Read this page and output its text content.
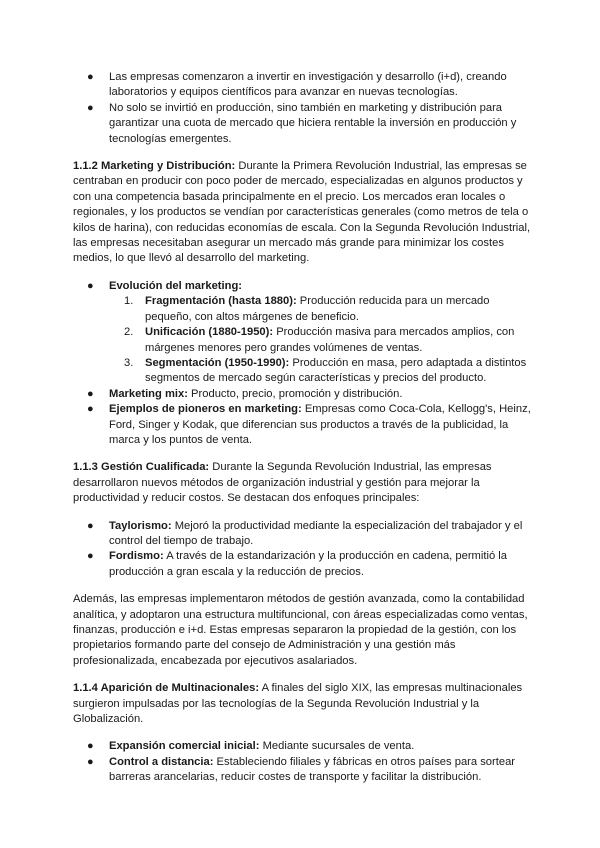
● Las empresas comenzaron a invertir en investigación y desarrollo (i+d), creando laboratorios y equipos científicos para avanzar en nuevas tecnologías.
● No solo se invirtió en producción, sino también en marketing y distribución para garantizar una cuota de mercado que hiciera rentable la inversión en producción y tecnologías emergentes.

1.1.2 Marketing y Distribución: Durante la Primera Revolución Industrial, las empresas se centraban en producir con poco poder de mercado, especializadas en algunos productos y con una competencia basada principalmente en el precio. Los mercados eran locales o regionales, y los productos se vendían por características generales (como metros de tela o kilos de harina), con reducidas economías de escala. Con la Segunda Revolución Industrial, las empresas necesitaban asegurar un mercado más grande para minimizar los costes medios, lo que llevó al desarrollo del marketing.

● Evolución del marketing:
1. Fragmentación (hasta 1880): Producción reducida para un mercado pequeño, con altos márgenes de beneficio.
2. Unificación (1880-1950): Producción masiva para mercados amplios, con márgenes menores pero grandes volúmenes de ventas.
3. Segmentación (1950-1990): Producción en masa, pero adaptada a distintos segmentos de mercado según características y precios del producto.
● Marketing mix: Producto, precio, promoción y distribución.
● Ejemplos de pioneros en marketing: Empresas como Coca-Cola, Kellogg's, Heinz, Ford, Singer y Kodak, que diferencian sus productos a través de la publicidad, la marca y los puntos de venta.

1.1.3 Gestión Cualificada: Durante la Segunda Revolución Industrial, las empresas desarrollaron nuevos métodos de organización industrial y gestión para mejorar la productividad y reducir costos. Se destacan dos enfoques principales:

● Taylorismo: Mejoró la productividad mediante la especialización del trabajador y el control del tiempo de trabajo.
● Fordismo: A través de la estandarización y la producción en cadena, permitió la producción a gran escala y la reducción de precios.

Además, las empresas implementaron métodos de gestión avanzada, como la contabilidad analítica, y adoptaron una estructura multifuncional, con áreas especializadas como ventas, finanzas, producción e i+d. Estas empresas separaron la propiedad de la gestión, con los propietarios formando parte del consejo de Administración y una gestión más profesionalizada, encabezada por ejecutivos asalariados.

1.1.4 Aparición de Multinacionales: A finales del siglo XIX, las empresas multinacionales surgieron impulsadas por las tecnologías de la Segunda Revolución Industrial y la Globalización.

● Expansión comercial inicial: Mediante sucursales de venta.
● Control a distancia: Estableciendo filiales y fábricas en otros países para sortear barreras arancelarias, reducir costes de transporte y facilitar la distribución.
